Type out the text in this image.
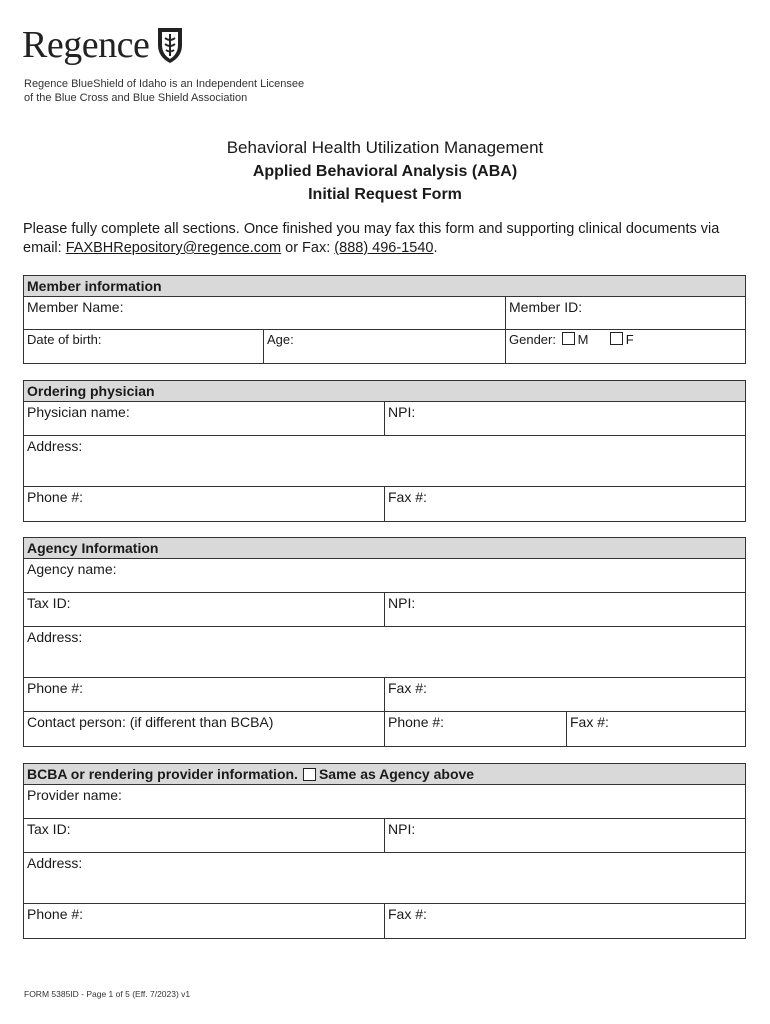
Regence
Regence BlueShield of Idaho is an Independent Licensee
of the Blue Cross and Blue Shield Association
Behavioral Health Utilization Management
Applied Behavioral Analysis (ABA)
Initial Request Form
Please fully complete all sections. Once finished you may fax this form and supporting clinical documents via email: FAXBHRepository@regence.com or Fax: (888) 496-1540.
Member information
Member Name:	Member ID:
Date of birth:	Age:	Gender: M	F
Ordering physician
Physician name:	NPI:
Address:
Phone #:	Fax #:
Agency Information
Agency name:
Tax ID:	NPI:
Address:
Phone #:	Fax #:
Contact person: (if different than BCBA)	Phone #:	Fax #:
BCBA or rendering provider information. Same as Agency above
Provider name:
Tax ID:	NPI:
Address:
Phone #:	Fax #:
FORM 5385ID - Page 1 of 5 (Eff. 7/2023) v1
